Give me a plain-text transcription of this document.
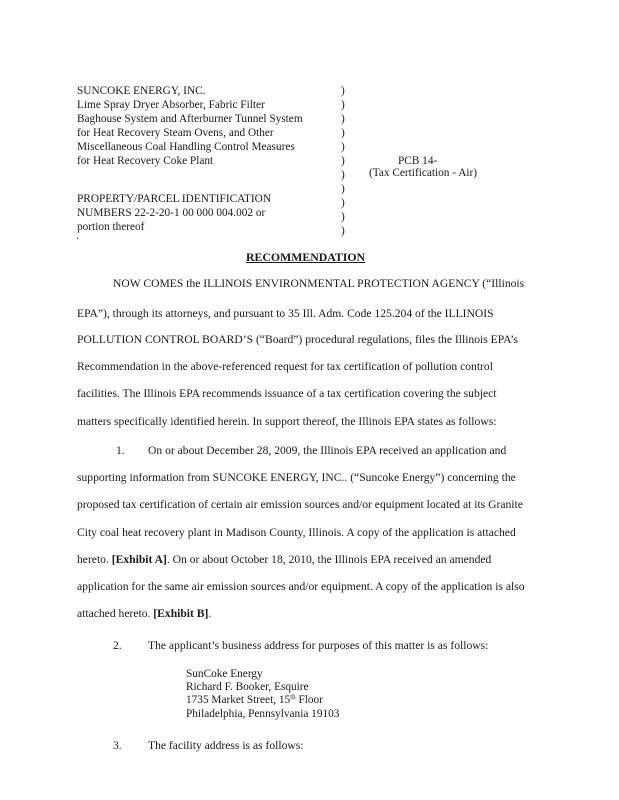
SUNCOKE ENERGY, INC.
Lime Spray Dryer Absorber, Fabric Filter
Baghouse System and Afterburner Tunnel System
for Heat Recovery Steam Ovens, and Other
Miscellaneous Coal Handling Control Measures
for Heat Recovery Coke Plant
PROPERTY/PARCEL IDENTIFICATION
NUMBERS 22-2-20-1 00 000 004.002 or
portion thereof
.
)
)
)
)
)
)
)
)
)
)
)
PCB 14-
(Tax Certification - Air)
RECOMMENDATION
NOW COMES the ILLINOIS ENVIRONMENTAL PROTECTION AGENCY (“Illinois
EPA”), through its attorneys, and pursuant to 35 Ill. Adm. Code 125.204 of the ILLINOIS
POLLUTION CONTROL BOARD’S (“Board”) procedural regulations, files the Illinois EPA’s
Recommendation in the above-referenced request for tax certification of pollution control
facilities. The Illinois EPA recommends issuance of a tax certification covering the subject
matters specifically identified herein. In support thereof, the Illinois EPA states as follows:
1. On or about December 28, 2009, the Illinois EPA received an application and
supporting information from SUNCOKE ENERGY, INC.. (“Suncoke Energy”) concerning the
proposed tax certification of certain air emission sources and/or equipment located at its Granite
City coal heat recovery plant in Madison County, Illinois. A copy of the application is attached
hereto. [Exhibit A]. On or about October 18, 2010, the Illinois EPA received an amended
application for the same air emission sources and/or equipment. A copy of the application is also
attached hereto. [Exhibit B].
2. The applicant’s business address for purposes of this matter is as follows:
SunCoke Energy
Richard F. Booker, Esquire
1735 Market Street, 15th Floor
Philadelphia, Pennsylvania 19103
3. The facility address is as follows:
